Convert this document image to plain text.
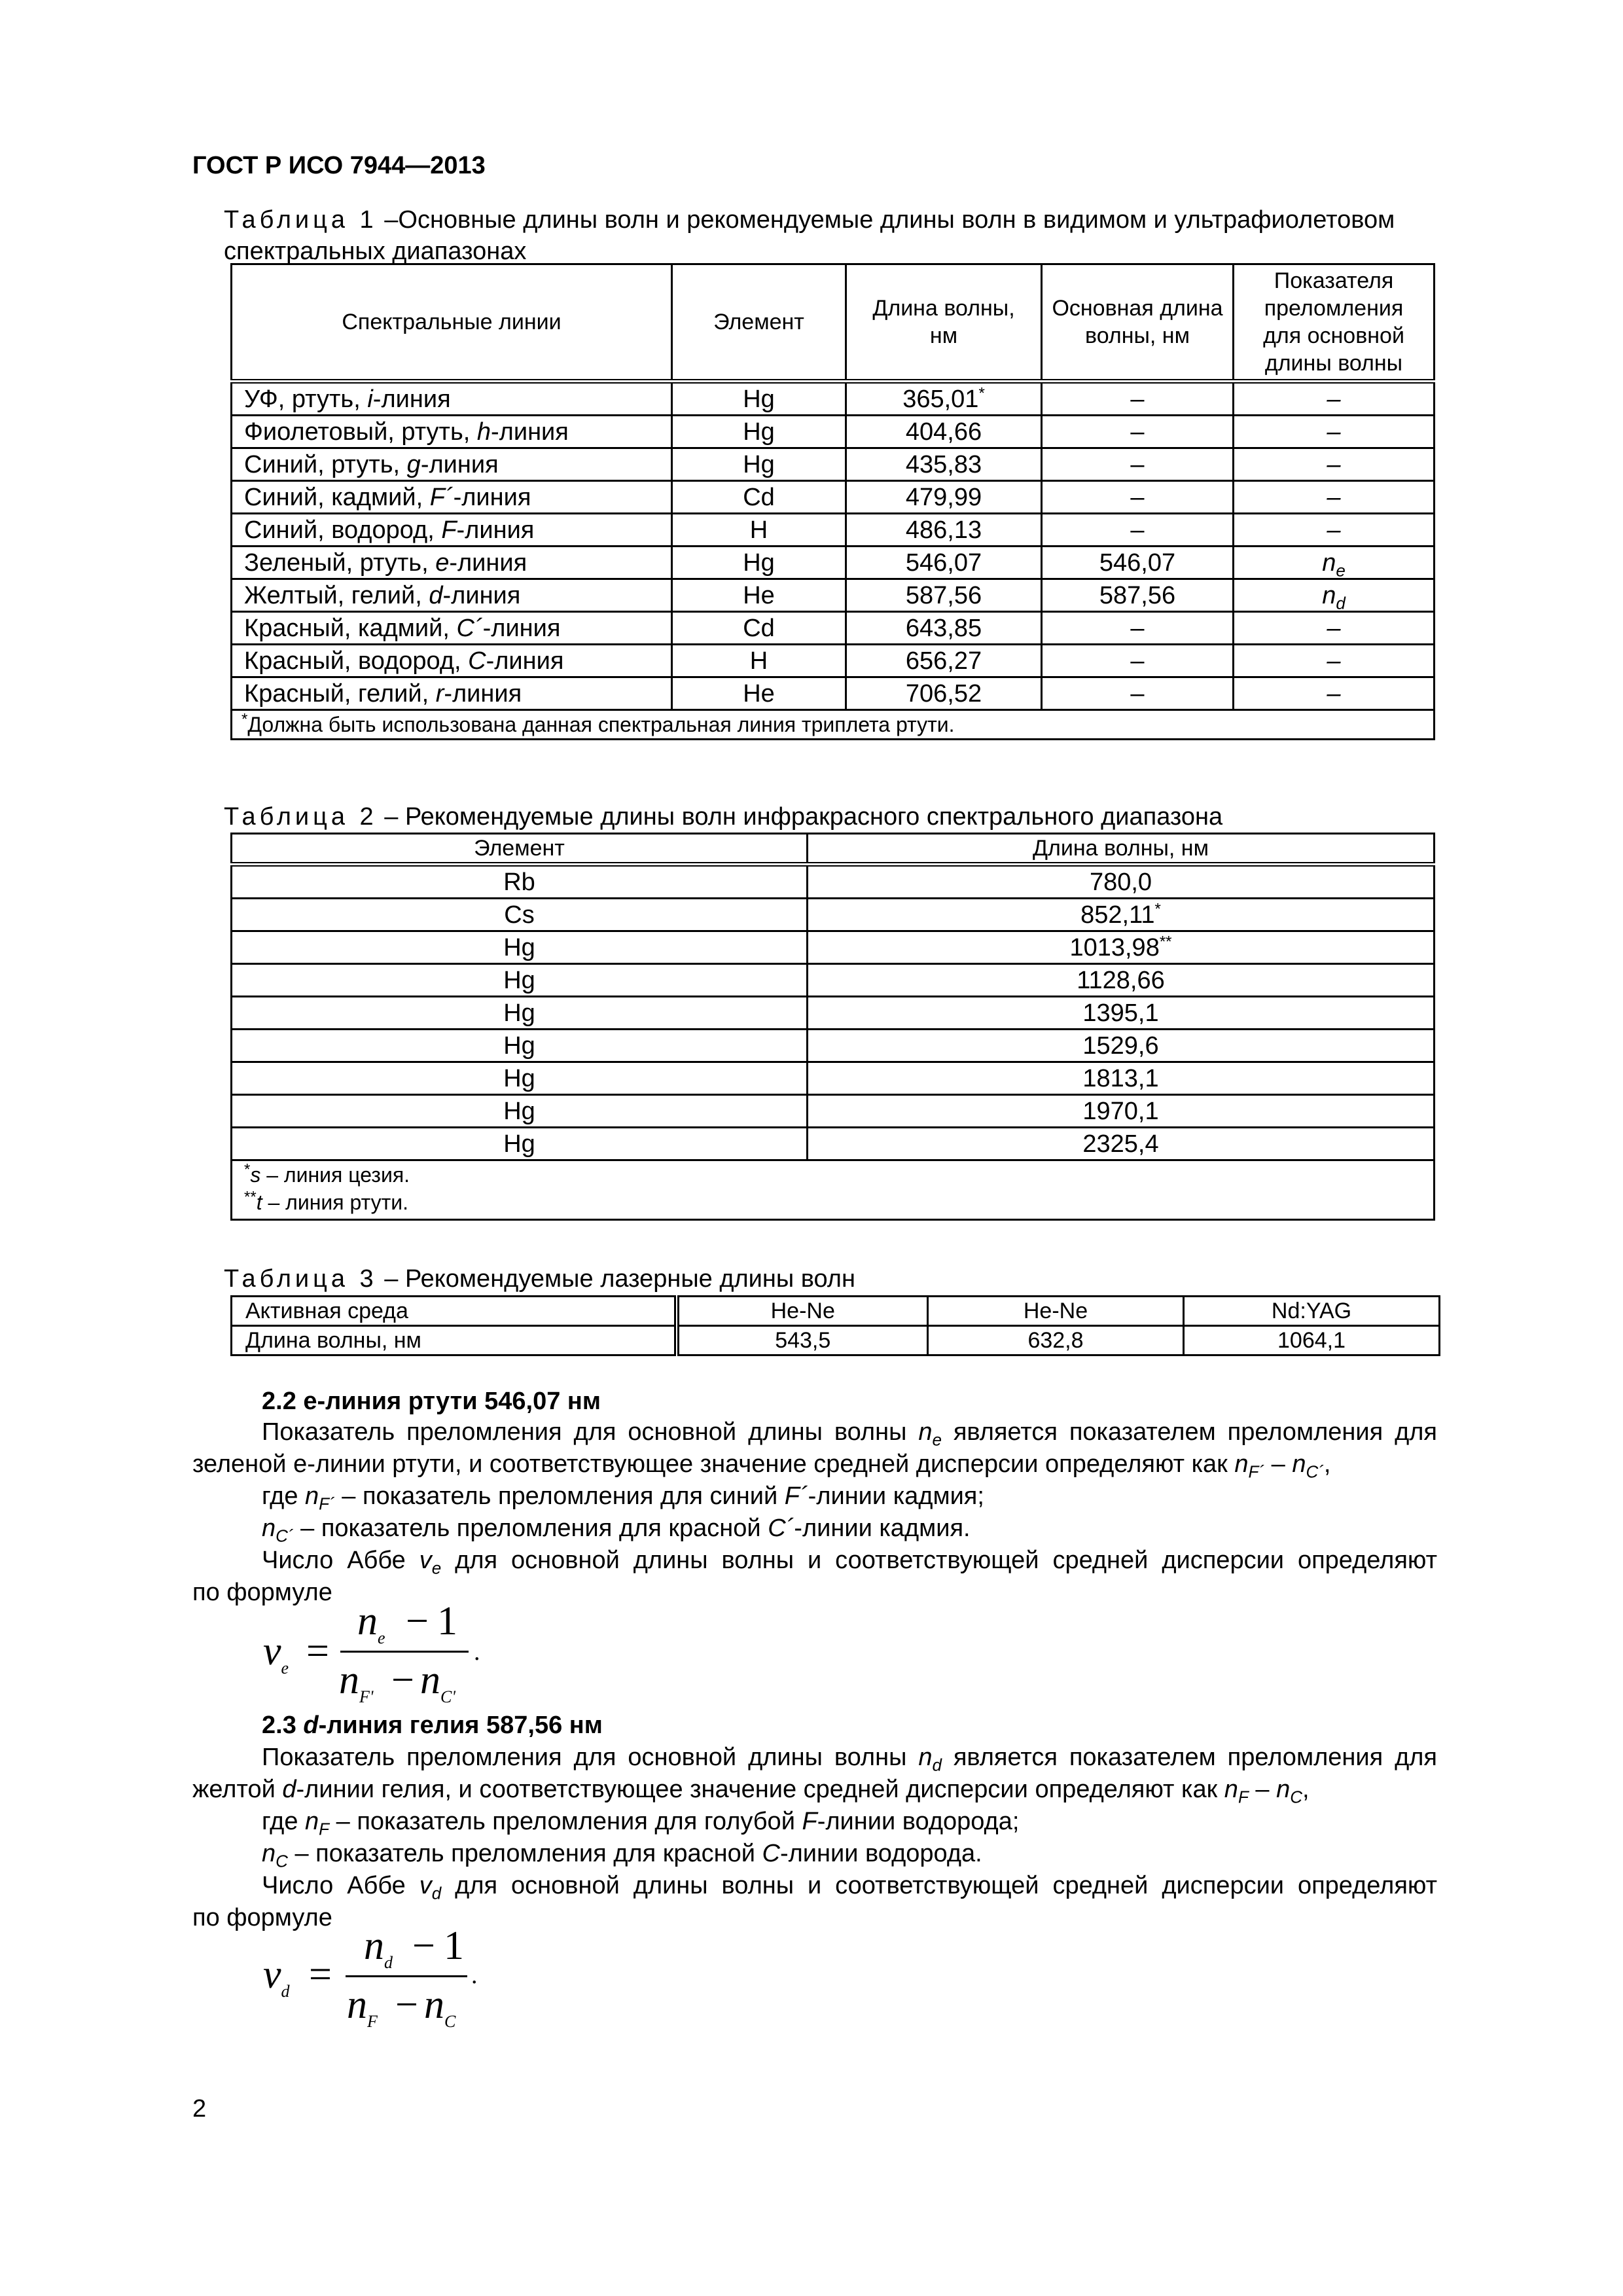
ГОСТ Р ИСО 7944—2013
Таблица 1 –Основные длины волн и рекомендуемые длины волн в видимом и ультрафиолетовом спектральных диапазонах
Спектральные линии	Элемент	Длина волны, нм	Основная длина волны, нм	Показателя преломления для основной длины волны
УФ, ртуть, i-линия	Hg	365,01*	–	–
Фиолетовый, ртуть, h-линия	Hg	404,66	–	–
Синий, ртуть, g-линия	Hg	435,83	–	–
Синий, кадмий, F´-линия	Cd	479,99	–	–
Синий, водород, F-линия	H	486,13	–	–
Зеленый, ртуть, e-линия	Hg	546,07	546,07	$n_e$
Желтый, гелий, d-линия	He	587,56	587,56	$n_d$
Красный, кадмий, C´-линия	Cd	643,85	–	–
Красный, водород, C-линия	H	656,27	–	–
Красный, гелий, r-линия	He	706,52	–	–
*Должна быть использована данная спектральная линия триплета ртути.				
Таблица 2 – Рекомендуемые длины волн инфракрасного спектрального диапазона
Элемент	Длина волны, нм
Rb	780,0
Cs	852,11*
Hg	1013,98**
Hg	1128,66
Hg	1395,1
Hg	1529,6
Hg	1813,1
Hg	1970,1
Hg	2325,4

*s – линия цезия.
**t – линия ртути.	
Таблица 3 – Рекомендуемые лазерные длины волн
Активная среда	He-Ne	He-Ne	Nd:YAG
Длина волны, нм	543,5	632,8	1064,1
2.2 е-линия ртути 546,07 нм
Показатель преломления для основной длины волны $n_e$ является показателем преломления для
зеленой е-линии ртути, и соответствующее значение средней дисперсии определяют как $n_{F´} - n_{C´}$,
где $n_{F´}$ – показатель преломления для синий F´-линии кадмия;
$n_{C´}$ – показатель преломления для красной C´-линии кадмия.
Число Аббе $v_e$ для основной длины волны и соответствующей средней дисперсии определяют
по формуле
$\nu_e$ =
$n_e - 1$
$n_{F'} - n_{C'}$
.
2.3 d-линия гелия 587,56 нм
Показатель преломления для основной длины волны $n_d$ является показателем преломления для
желтой d-линии гелия, и соответствующее значение средней дисперсии определяют как $n_F - n_C$,
где $n_F$ – показатель преломления для голубой F-линии водорода;
$n_C$ – показатель преломления для красной C-линии водорода.
Число Аббе $v_d$ для основной длины волны и соответствующей средней дисперсии определяют
по формуле
$\nu_d$ =
$n_d - 1$
$n_F - n_C$
.
2
